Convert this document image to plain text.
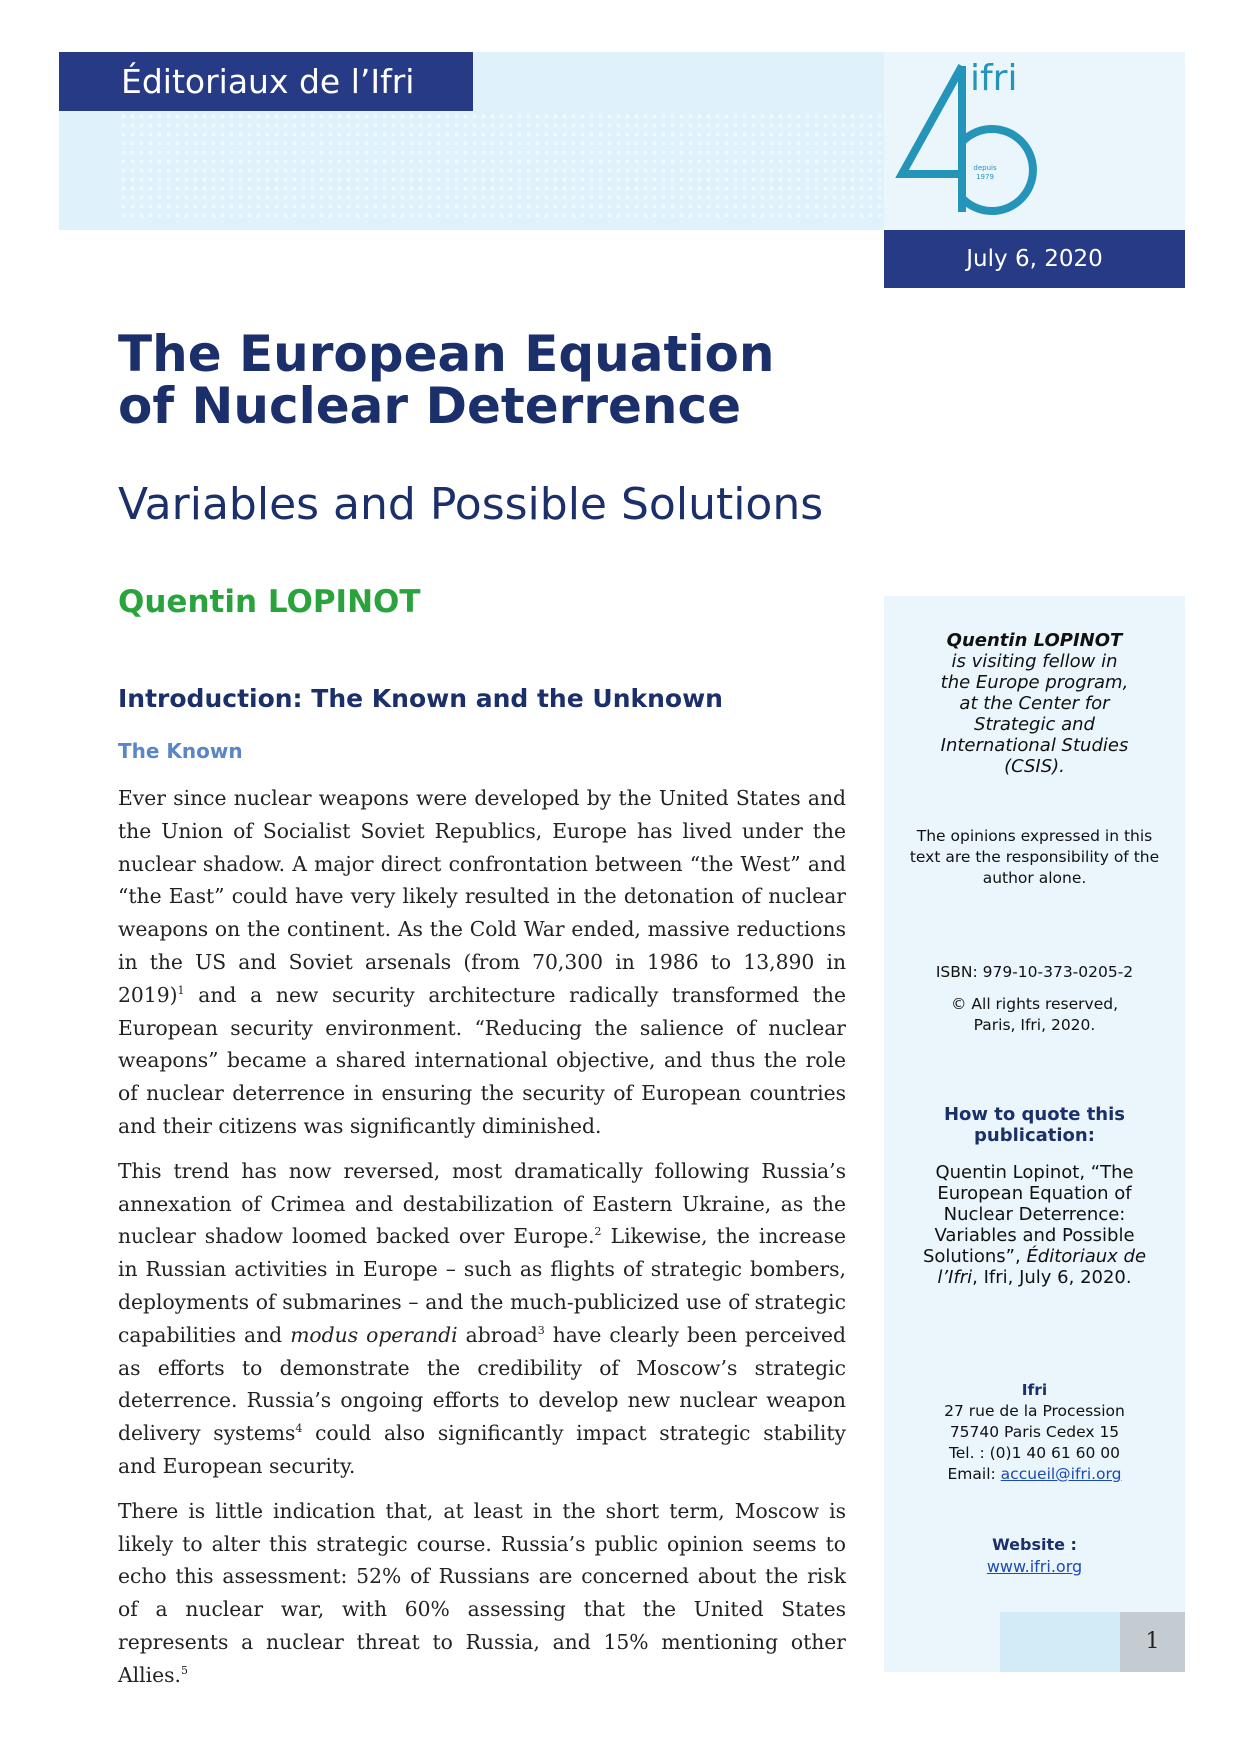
Éditoriaux de l’Ifri	ifri
depuis
1979
July 6, 2020
The European Equation of Nuclear Deterrence
Variables and Possible Solutions
Quentin LOPINOT
Introduction: The Known and the Unknown
The Known

Ever since nuclear weapons were developed by the United States and the Union of Socialist Soviet Republics, Europe has lived under the nuclear shadow. A major direct confrontation between “the West” and “the East” could have very likely resulted in the detonation of nuclear weapons on the continent. As the Cold War ended, massive reductions in the US and Soviet arsenals (from 70,300 in 1986 to 13,890 in 2019)$^1$ and a new security architecture radically transformed the European security environment. “Reducing the salience of nuclear weapons” became a shared international objective, and thus the role of nuclear deterrence in ensuring the security of European countries and their citizens was significantly diminished.

This trend has now reversed, most dramatically following Russia’s annexation of Crimea and destabilization of Eastern Ukraine, as the nuclear shadow loomed backed over Europe.$^2$ Likewise, the increase in Russian activities in Europe – such as flights of strategic bombers, deployments of submarines – and the much-publicized use of strategic capabilities and modus operandi abroad$^3$ have clearly been perceived as efforts to demonstrate the credibility of Moscow’s strategic deterrence. Russia’s ongoing efforts to develop new nuclear weapon delivery systems$^4$ could also significantly impact strategic stability and European security.

There is little indication that, at least in the short term, Moscow is likely to alter this strategic course. Russia’s public opinion seems to echo this assessment: 52% of Russians are concerned about the risk of a nuclear war, with 60% assessing that the United States represents a nuclear threat to Russia, and 15% mentioning other Allies.$^5$

Quentin LOPINOT
is visiting fellow in the Europe program, at the Center for Strategic and International Studies (CSIS).
The opinions expressed in this text are the responsibility of the author alone.
ISBN: 979-10-373-0205-2
© All rights reserved,
Paris, Ifri, 2020.
How to quote this publication:
Quentin Lopinot, “The European Equation of Nuclear Deterrence: Variables and Possible Solutions”, Éditoriaux de l’Ifri, Ifri, July 6, 2020.
Ifri
27 rue de la Procession
75740 Paris Cedex 15
Tel. : (0)1 40 61 60 00
Email: accueil@ifri.org
Website :
www.ifri.org
1
